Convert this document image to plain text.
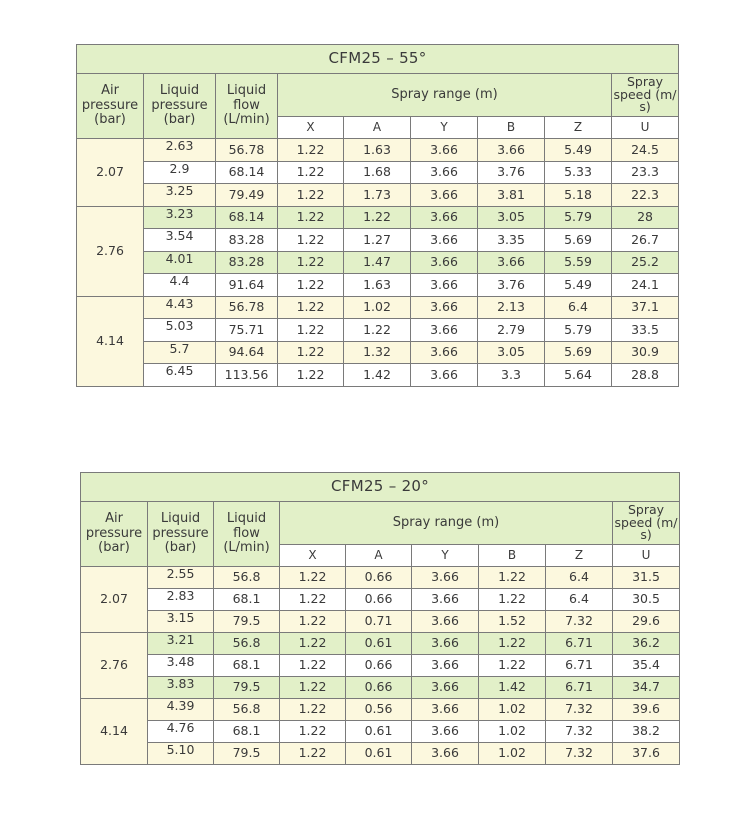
CFM25 – 55°								
Air pressure (bar)	Liquid pressure (bar)	Liquid flow (L/min)	Spray range (m)					Spray speed (m/ s)
			X	A	Y	B	Z	U
2.07	2.63	56.78	1.22	1.63	3.66	3.66	5.49	24.5
	2.9	68.14	1.22	1.68	3.66	3.76	5.33	23.3
	3.25	79.49	1.22	1.73	3.66	3.81	5.18	22.3
2.76	3.23	68.14	1.22	1.22	3.66	3.05	5.79	28
	3.54	83.28	1.22	1.27	3.66	3.35	5.69	26.7
	4.01	83.28	1.22	1.47	3.66	3.66	5.59	25.2
	4.4	91.64	1.22	1.63	3.66	3.76	5.49	24.1
4.14	4.43	56.78	1.22	1.02	3.66	2.13	6.4	37.1
	5.03	75.71	1.22	1.22	3.66	2.79	5.79	33.5
	5.7	94.64	1.22	1.32	3.66	3.05	5.69	30.9
	6.45	113.56	1.22	1.42	3.66	3.3	5.64	28.8
CFM25 – 20°								
Air pressure (bar)	Liquid pressure (bar)	Liquid flow (L/min)	Spray range (m)					Spray speed (m/ s)
			X	A	Y	B	Z	U
2.07	2.55	56.8	1.22	0.66	3.66	1.22	6.4	31.5
	2.83	68.1	1.22	0.66	3.66	1.22	6.4	30.5
	3.15	79.5	1.22	0.71	3.66	1.52	7.32	29.6
2.76	3.21	56.8	1.22	0.61	3.66	1.22	6.71	36.2
	3.48	68.1	1.22	0.66	3.66	1.22	6.71	35.4
	3.83	79.5	1.22	0.66	3.66	1.42	6.71	34.7
4.14	4.39	56.8	1.22	0.56	3.66	1.02	7.32	39.6
	4.76	68.1	1.22	0.61	3.66	1.02	7.32	38.2
	5.10	79.5	1.22	0.61	3.66	1.02	7.32	37.6
